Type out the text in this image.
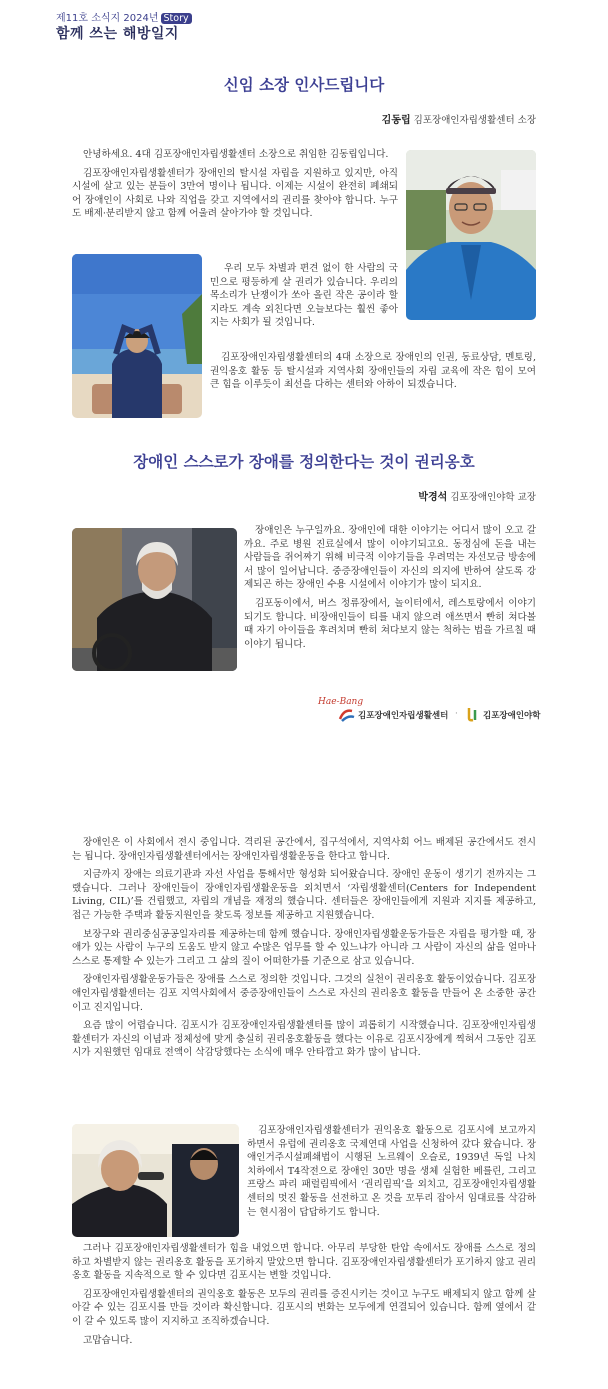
제11호 소식지 2024년 Story
함께 쓰는 해방일지
신임 소장 인사드립니다
김동립 김포장애인자립생활센터 소장

안녕하세요. 4대 김포장애인자립생활센터 소장으로 취임한 김동립입니다.

김포장애인자립생활센터가 장애인의 탈시설 자립을 지원하고 있지만, 아직 시설에 살고 있는 분들이 3만여 명이나 됩니다. 이제는 시설이 완전히 폐쇄되어 장애인이 사회로 나와 직업을 갖고 지역에서의 권리를 찾아야 합니다. 누구도 배제·분리받지 않고 함께 어울려 살아가야 할 것입니다.

우리 모두 차별과 편견 없이 한 사람의 국민으로 평등하게 살 권리가 있습니다. 우리의 목소리가 난쟁이가 쏘아 올린 작은 공이라 할지라도 계속 외친다면 오늘보다는 훨씬 좋아지는 사회가 될 것입니다.

김포장애인자립생활센터의 4대 소장으로 장애인의 인권, 동료상담, 멘토링, 권익옹호 활동 등 탈시설과 지역사회 장애인들의 자립 교육에 작은 힘이 모여 큰 힘을 이루듯이 최선을 다하는 센터와 아하이 되겠습니다.

장애인 스스로가 장애를 정의한다는 것이 권리옹호
박경석 김포장애인야학 교장

장애인은 누구일까요. 장애인에 대한 이야기는 어디서 많이 오고 갈까요. 주로 병원 진료실에서 많이 이야기되고요. 동정심에 돈을 내는 사람들을 쥐어짜기 위해 비극적 이야기들을 우려먹는 자선모금 방송에서 많이 일어납니다. 중증장애인들이 자신의 의지에 반하여 살도록 강제되곤 하는 장애인 수용 시설에서 이야기가 많이 되지요.

김포동이에서, 버스 정류장에서, 놀이터에서, 레스토랑에서 이야기되기도 합니다. 비장애인들이 티를 내지 않으려 애쓰면서 빤히 쳐다볼 때 자기 아이들을 후려치며 빤히 쳐다보지 않는 척하는 법을 가르칠 때 이야기 됩니다.

Hae-Bang
김포장애인자립생활센터 ·	김포장애인야학

장애인은 이 사회에서 전시 중입니다. 격리된 공간에서, 집구석에서, 지역사회 어느 배제된 공간에서도 전시는 됩니다. 장애인자립생활센터에서는 장애인자립생활운동을 한다고 합니다.

지금까지 장애는 의료기관과 자선 사업을 통해서만 형성화 되어왔습니다. 장애인 운동이 생기기 전까지는 그랬습니다. 그러나 장애인들이 장애인자립생활운동을 외치면서 ‘자립생활센터(Centers for Independent Living, CIL)’를 건립했고, 자립의 개념을 재정의 했습니다. 센터들은 장애인들에게 지원과 지지를 제공하고, 접근 가능한 주택과 활동지원인을 찾도록 정보를 제공하고 지원했습니다.

보장구와 권리중심공공일자리를 제공하는데 함께 했습니다. 장애인자립생활운동가들은 자립을 평가할 때, 장애가 있는 사람이 누구의 도움도 받지 않고 수많은 업무를 할 수 있느냐가 아니라 그 사람이 자신의 삶을 얼마나 스스로 통제할 수 있는가 그리고 그 삶의 질이 어떠한가를 기준으로 삼고 있습니다.

장애인자립생활운동가들은 장애를 스스로 정의한 것입니다. 그것의 실천이 권리옹호 활동이었습니다. 김포장애인자립생활센터는 김포 지역사회에서 중증장애인들이 스스로 자신의 권리옹호 활동을 만들어 온 소중한 공간이고 진지입니다.

요즘 많이 어렵습니다. 김포시가 김포장애인자립생활센터를 많이 괴롭히기 시작했습니다. 김포장애인자립생활센터가 자신의 이념과 정체성에 맞게 충실히 권리옹호활동을 했다는 이유로 김포시장에게 찍혀서 그동안 김포시가 지원했던 임대료 전액이 삭감당했다는 소식에 매우 안타깝고 화가 많이 납니다.

김포장애인자립생활센터가 권익옹호 활동으로 김포시에 보고까지 하면서 유럽에 권리옹호 국제연대 사업을 신청하여 갔다 왔습니다. 장애인거주시설폐쇄법이 시행된 노르웨이 오슬로, 1939년 독일 나치 치하에서 T4작전으로 장애인 30만 명을 생체 실험한 베를린, 그리고 프랑스 파리 패럴림픽에서 ‘권리림픽’을 외치고, 김포장애인자립생활센터의 멋진 활동을 선전하고 온 것을 꼬투리 잡아서 임대료를 삭감하는 현시점이 답답하기도 합니다.

그러나 김포장애인자립생활센터가 힘을 내었으면 합니다. 아무리 부당한 탄압 속에서도 장애를 스스로 정의하고 차별받지 않는 권리옹호 활동을 포기하지 말았으면 합니다. 김포장애인자립생활센터가 포기하지 않고 권리옹호 활동을 지속적으로 할 수 있다면 김포시는 변할 것입니다.

김포장애인자립생활센터의 권익옹호 활동은 모두의 권리를 증진시키는 것이고 누구도 배제되지 않고 함께 살아갈 수 있는 김포시를 만들 것이라 확신합니다. 김포시의 변화는 모두에게 연결되어 있습니다. 함께 옆에서 같이 갈 수 있도록 많이 지지하고 조직하겠습니다.

고맙습니다.
